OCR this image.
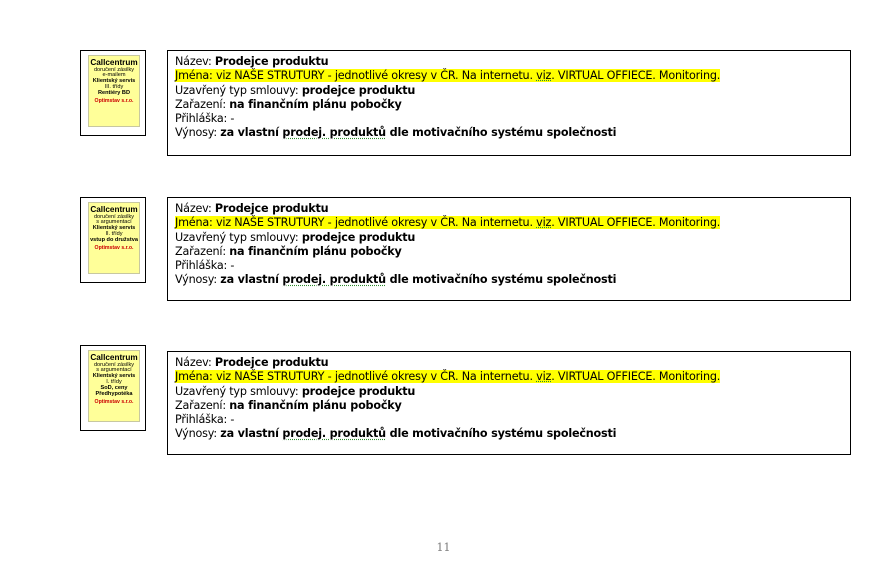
Callcentrum
doručení zásilky
e-mailem
Klientský servis
III. třídy
Rentiéry BD
Optimstav s.r.o.
Název: Prodejce produktu
Jména: viz NAŠE STRUTURY - jednotlivé okresy v ČR. Na internetu. viz. VIRTUAL OFFIECE. Monitoring.
Uzavřený typ smlouvy: prodejce produktu
Zařazení: na finančním plánu pobočky
Přihláška: -
Výnosy: za vlastní prodej. produktů dle motivačního systému společnosti
Callcentrum
doručení zásilky
s argumentací
Klientský servis
II. třídy
vstup do družstva
Optimstav s.r.o.
Název: Prodejce produktu
Jména: viz NAŠE STRUTURY - jednotlivé okresy v ČR. Na internetu. viz. VIRTUAL OFFIECE. Monitoring.
Uzavřený typ smlouvy: prodejce produktu
Zařazení: na finančním plánu pobočky
Přihláška: -
Výnosy: za vlastní prodej. produktů dle motivačního systému společnosti
Callcentrum
doručení zásilky
s argumentací
Klientský servis
I. třídy
SoD, ceny
Předhypotéka
Optimstav s.r.o.
Název: Prodejce produktu
Jména: viz NAŠE STRUTURY - jednotlivé okresy v ČR. Na internetu. viz. VIRTUAL OFFIECE. Monitoring.
Uzavřený typ smlouvy: prodejce produktu
Zařazení: na finančním plánu pobočky
Přihláška: -
Výnosy: za vlastní prodej. produktů dle motivačního systému společnosti
11
